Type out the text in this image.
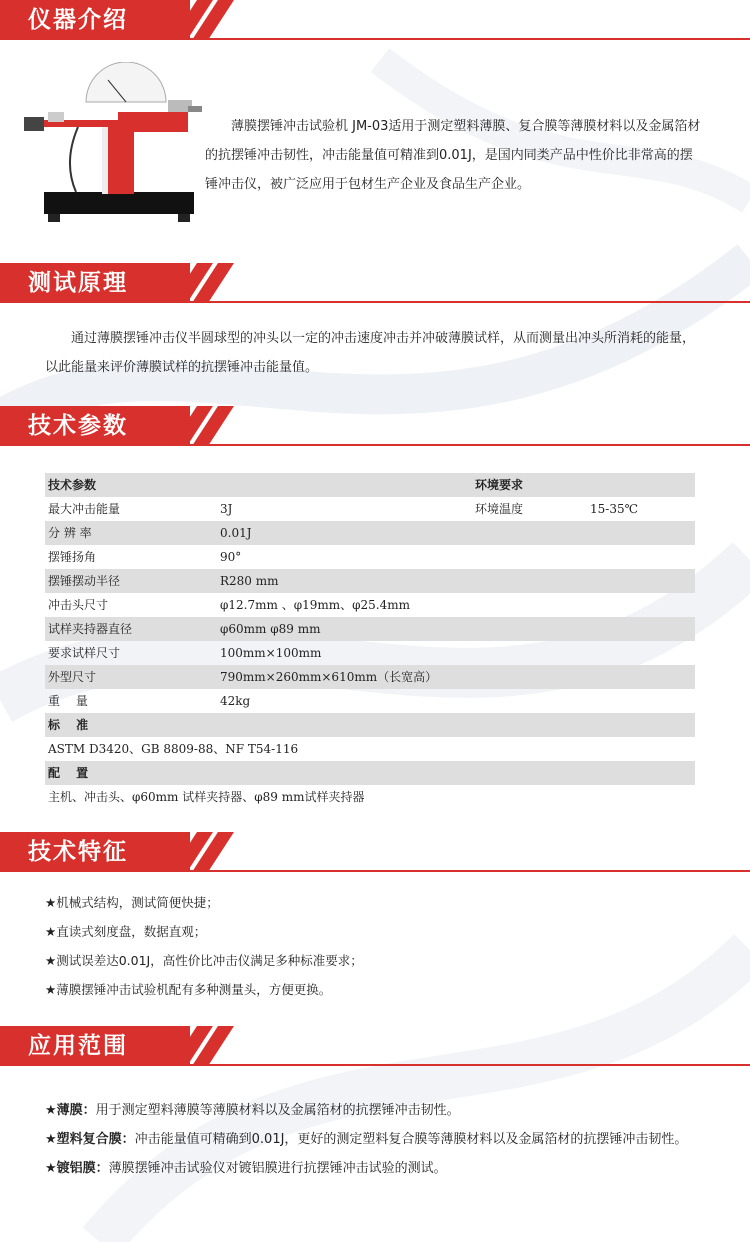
仪器介绍
薄膜摆锤冲击试验机 JM-03适用于测定塑料薄膜、复合膜等薄膜材料以及金属箔材的抗摆锤冲击韧性，冲击能量值可精准到0.01J，是国内同类产品中性价比非常高的摆锤冲击仪，被广泛应用于包材生产企业及食品生产企业。
测试原理
通过薄膜摆锤冲击仪半圆球型的冲头以一定的冲击速度冲击并冲破薄膜试样，从而测量出冲头所消耗的能量，以此能量来评价薄膜试样的抗摆锤冲击能量值。
技术参数
技术参数	环境要求
最大冲击能量	3J	环境温度	15-35℃
分 辨 率	0.01J
摆锤扬角	90°
摆锤摆动半径	R280 mm
冲击头尺寸	φ12.7mm 、φ19mm、φ25.4mm
试样夹持器直径	φ60mm φ89 mm
要求试样尺寸	100mm×100mm
外型尺寸	790mm×260mm×610mm（长宽高）
重　 量	42kg
标　 准
ASTM D3420、GB 8809-88、NF T54-116
配　 置
主机、冲击头、φ60mm 试样夹持器、φ89 mm试样夹持器
技术特征
★机械式结构，测试简便快捷；
★直读式刻度盘，数据直观；
★测试误差达0.01J，高性价比冲击仪满足多种标准要求；
★薄膜摆锤冲击试验机配有多种测量头，方便更换。
应用范围
★薄膜：用于测定塑料薄膜等薄膜材料以及金属箔材的抗摆锤冲击韧性。
★塑料复合膜：冲击能量值可精确到0.01J，更好的测定塑料复合膜等薄膜材料以及金属箔材的抗摆锤冲击韧性。
★镀铝膜：薄膜摆锤冲击试验仪对镀铝膜进行抗摆锤冲击试验的测试。
